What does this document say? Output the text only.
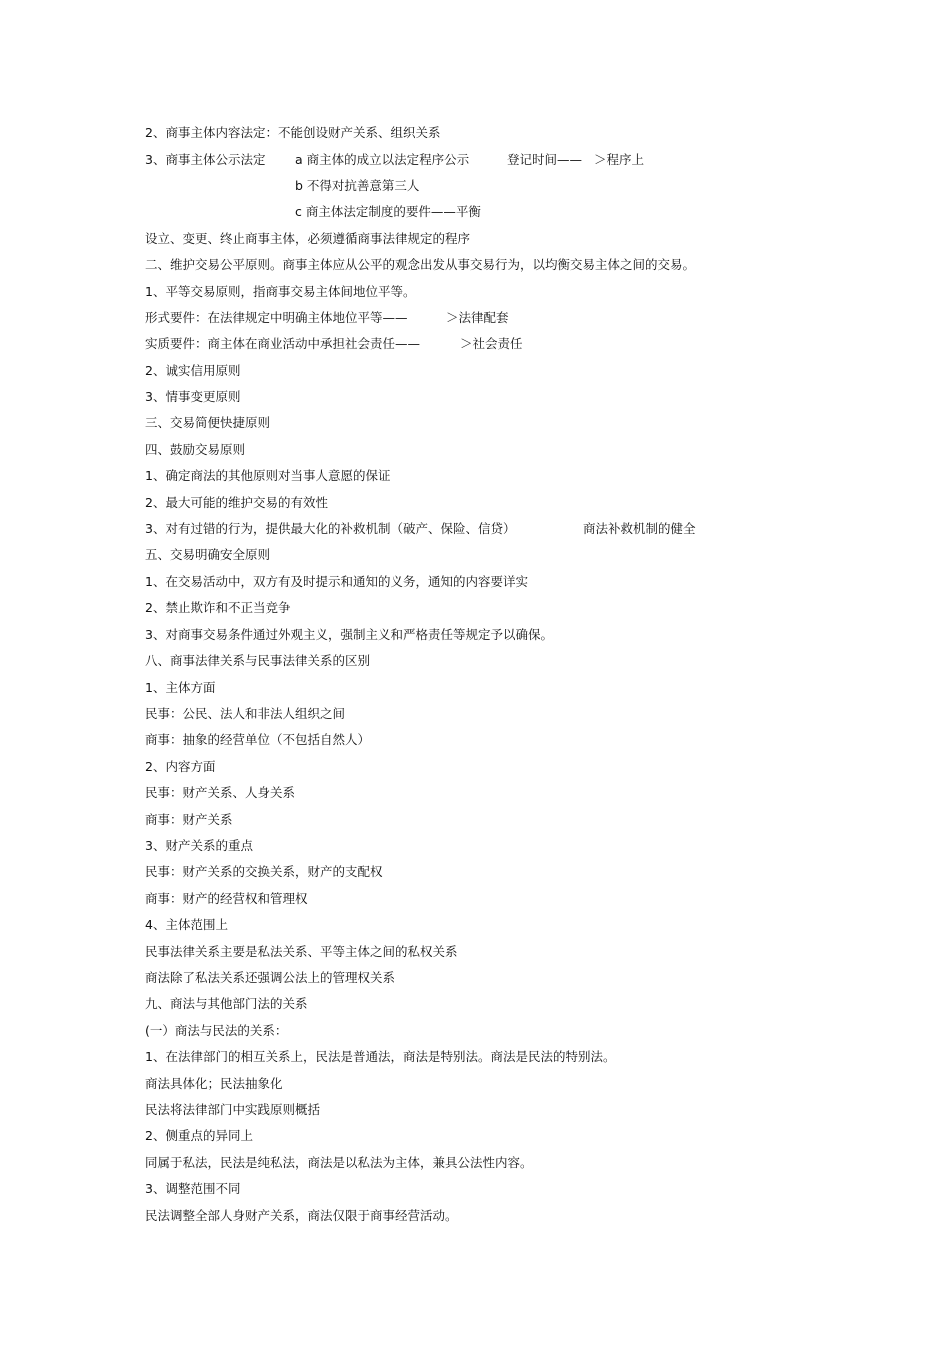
2、商事主体内容法定：不能创设财产关系、组织关系
3、商事主体公示法定 a 商主体的成立以法定程序公示	登记时间—— ＞程序上
b 不得对抗善意第三人
c 商主体法定制度的要件——平衡
设立、变更、终止商事主体，必须遵循商事法律规定的程序
二、维护交易公平原则。商事主体应从公平的观念出发从事交易行为，以均衡交易主体之间的交易。
1、平等交易原则，指商事交易主体间地位平等。
形式要件：在法律规定中明确主体地位平等——	＞法律配套
实质要件：商主体在商业活动中承担社会责任——	＞社会责任
2、诚实信用原则
3、情事变更原则
三、交易简便快捷原则
四、鼓励交易原则
1、确定商法的其他原则对当事人意愿的保证
2、最大可能的维护交易的有效性
3、对有过错的行为，提供最大化的补救机制（破产、保险、信贷）	商法补救机制的健全
五、交易明确安全原则
1、在交易活动中，双方有及时提示和通知的义务，通知的内容要详实
2、禁止欺诈和不正当竞争
3、对商事交易条件通过外观主义，强制主义和严格责任等规定予以确保。
八、商事法律关系与民事法律关系的区别
1、主体方面
民事：公民、法人和非法人组织之间
商事：抽象的经营单位（不包括自然人）
2、内容方面
民事：财产关系、人身关系
商事：财产关系
3、财产关系的重点
民事：财产关系的交换关系，财产的支配权
商事：财产的经营权和管理权
4、主体范围上
民事法律关系主要是私法关系、平等主体之间的私权关系
商法除了私法关系还强调公法上的管理权关系
九、商法与其他部门法的关系
(一）商法与民法的关系：
1、在法律部门的相互关系上，民法是普通法，商法是特别法。商法是民法的特别法。
商法具体化；民法抽象化
民法将法律部门中实践原则概括
2、侧重点的异同上
同属于私法，民法是纯私法，商法是以私法为主体，兼具公法性内容。
3、调整范围不同
民法调整全部人身财产关系，商法仅限于商事经营活动。
